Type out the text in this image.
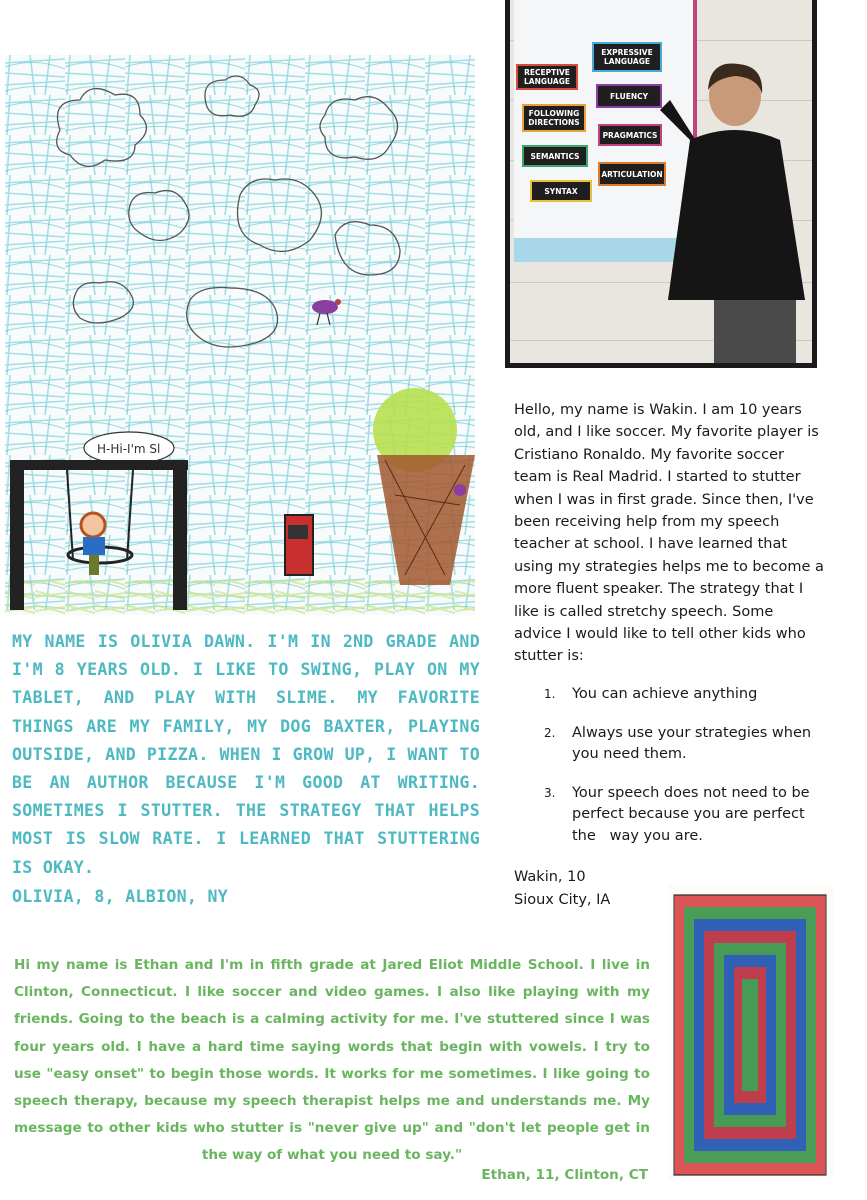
H-Hi-I'm Sl
RECEPTIVE LANGUAGE
EXPRESSIVE LANGUAGE
FLUENCY
FOLLOWING DIRECTIONS
PRAGMATICS
SEMANTICS
ARTICULATION
SYNTAX
Hello, my name is Wakin. I am 10 years old, and I like soccer. My favorite player is Cristiano Ronaldo. My favorite soccer team is Real Madrid. I started to stutter when I was in first grade. Since then, I've been receiving help from my speech teacher at school. I have learned that using my strategies helps me to become a more fluent speaker. The strategy that I like is called stretchy speech. Some advice I would like to tell other kids who stutter is:
1. You can achieve anything
2. Always use your strategies when you need them.
3. Your speech does not need to be perfect because you are perfect the   way you are.
Wakin, 10
Sioux City, IA
MY NAME IS OLIVIA DAWN. I'M IN 2ND GRADE AND I'M 8 YEARS OLD. I LIKE TO SWING, PLAY ON MY TABLET, AND PLAY WITH SLIME. MY FAVORITE THINGS ARE MY FAMILY, MY DOG BAXTER, PLAYING OUTSIDE, AND PIZZA. WHEN I GROW UP, I WANT TO BE AN AUTHOR BECAUSE I'M GOOD AT WRITING. SOMETIMES I STUTTER. THE STRATEGY THAT HELPS MOST IS SLOW RATE. I LEARNED THAT STUTTERING IS OKAY.
OLIVIA, 8, ALBION, NY
Hi my name is Ethan and I'm in fifth grade at Jared Eliot Middle School. I live in Clinton, Connecticut. I like soccer and video games. I also like playing with my friends. Going to the beach is a calming activity for me. I've stuttered since I was four years old. I have a hard time saying words that begin with vowels. I try to use "easy onset" to begin those words. It works for me sometimes. I like going to speech therapy, because my speech therapist helps me and understands me. My message to other kids who stutter is "never give up" and "don't let people get in the way of what you need to say."
Ethan, 11, Clinton, CT
